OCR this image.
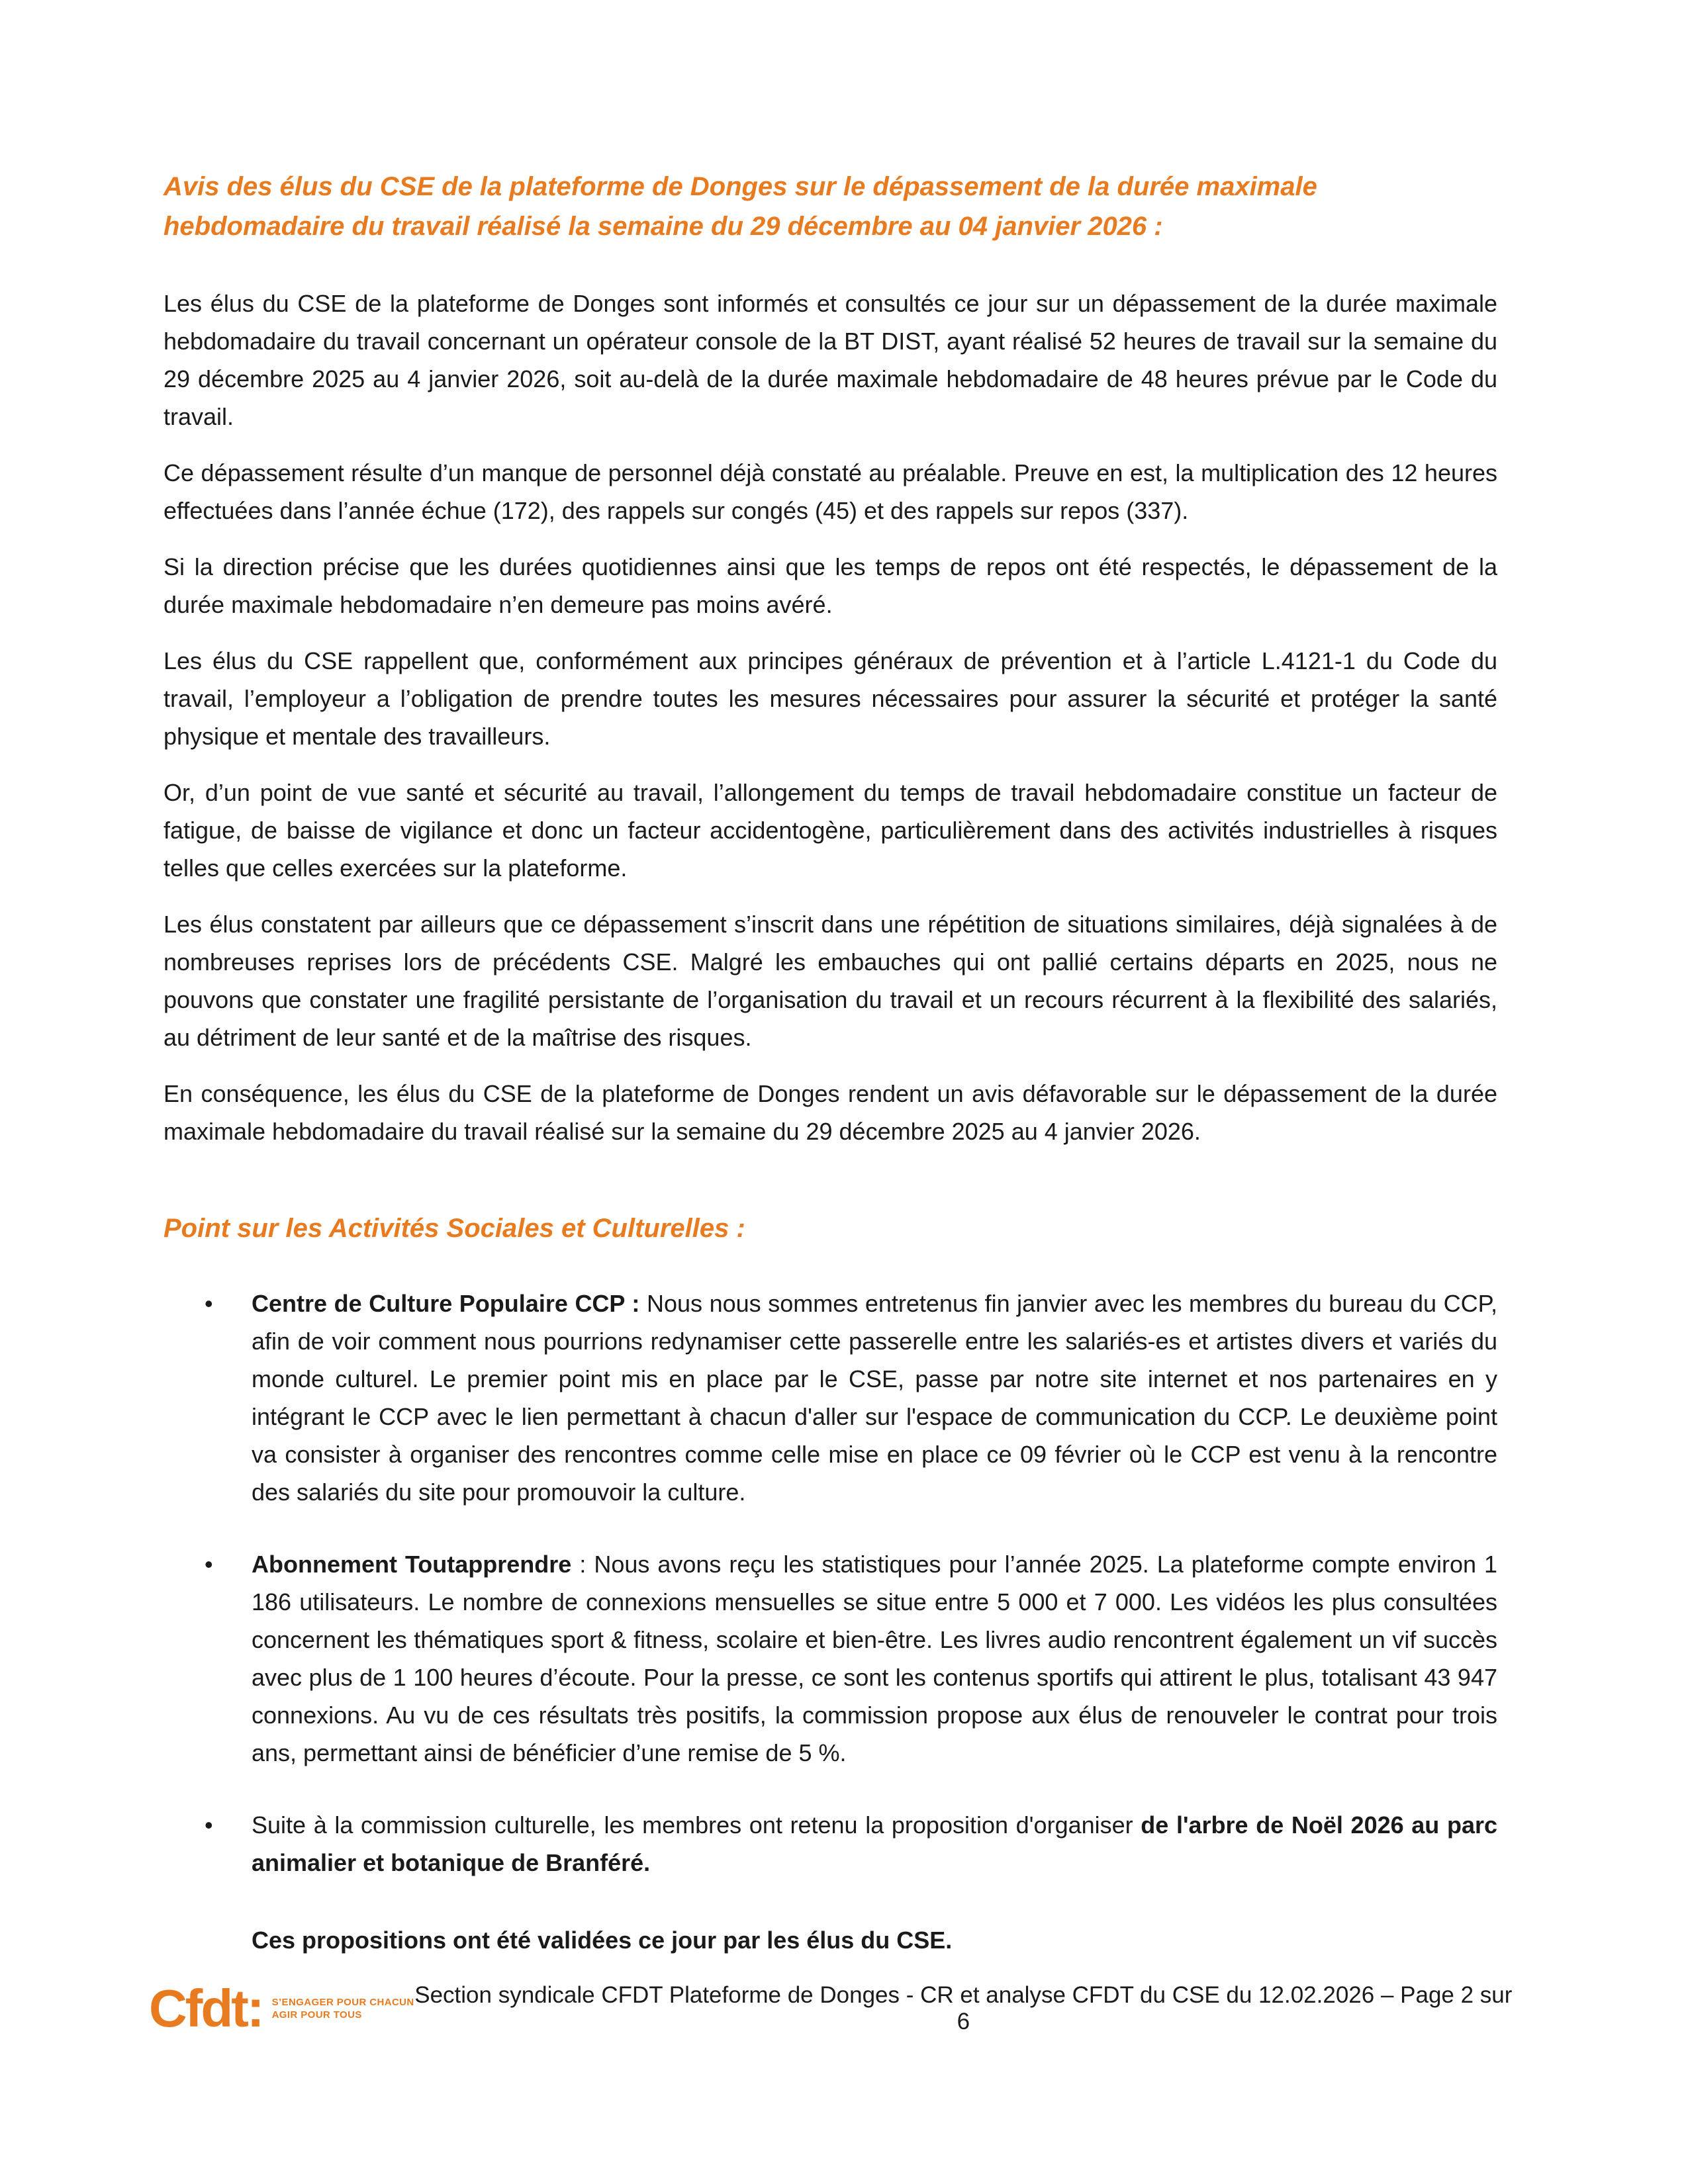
Avis des élus du CSE de la plateforme de Donges sur le dépassement de la durée maximale hebdomadaire du travail réalisé la semaine du 29 décembre au 04 janvier 2026 :

Les élus du CSE de la plateforme de Donges sont informés et consultés ce jour sur un dépassement de la durée maximale hebdomadaire du travail concernant un opérateur console de la BT DIST, ayant réalisé 52 heures de travail sur la semaine du 29 décembre 2025 au 4 janvier 2026, soit au-delà de la durée maximale hebdomadaire de 48 heures prévue par le Code du travail.

Ce dépassement résulte d’un manque de personnel déjà constaté au préalable. Preuve en est, la multiplication des 12 heures effectuées dans l’année échue (172), des rappels sur congés (45) et des rappels sur repos (337).

Si la direction précise que les durées quotidiennes ainsi que les temps de repos ont été respectés, le dépassement de la durée maximale hebdomadaire n’en demeure pas moins avéré.

Les élus du CSE rappellent que, conformément aux principes généraux de prévention et à l’article L.4121-1 du Code du travail, l’employeur a l’obligation de prendre toutes les mesures nécessaires pour assurer la sécurité et protéger la santé physique et mentale des travailleurs.

Or, d’un point de vue santé et sécurité au travail, l’allongement du temps de travail hebdomadaire constitue un facteur de fatigue, de baisse de vigilance et donc un facteur accidentogène, particulièrement dans des activités industrielles à risques telles que celles exercées sur la plateforme.

Les élus constatent par ailleurs que ce dépassement s’inscrit dans une répétition de situations similaires, déjà signalées à de nombreuses reprises lors de précédents CSE. Malgré les embauches qui ont pallié certains départs en 2025, nous ne pouvons que constater une fragilité persistante de l’organisation du travail et un recours récurrent à la flexibilité des salariés, au détriment de leur santé et de la maîtrise des risques.

En conséquence, les élus du CSE de la plateforme de Donges rendent un avis défavorable sur le dépassement de la durée maximale hebdomadaire du travail réalisé sur la semaine du 29 décembre 2025 au 4 janvier 2026.

Point sur les Activités Sociales et Culturelles :
• Centre de Culture Populaire CCP : Nous nous sommes entretenus fin janvier avec les membres du bureau du CCP, afin de voir comment nous pourrions redynamiser cette passerelle entre les salariés-es et artistes divers et variés du monde culturel. Le premier point mis en place par le CSE, passe par notre site internet et nos partenaires en y intégrant le CCP avec le lien permettant à chacun d'aller sur l'espace de communication du CCP. Le deuxième point va consister à organiser des rencontres comme celle mise en place ce 09 février où le CCP est venu à la rencontre des salariés du site pour promouvoir la culture.
• Abonnement Toutapprendre : Nous avons reçu les statistiques pour l’année 2025. La plateforme compte environ 1 186 utilisateurs. Le nombre de connexions mensuelles se situe entre 5 000 et 7 000. Les vidéos les plus consultées concernent les thématiques sport & fitness, scolaire et bien-être. Les livres audio rencontrent également un vif succès avec plus de 1 100 heures d’écoute. Pour la presse, ce sont les contenus sportifs qui attirent le plus, totalisant 43 947 connexions. Au vu de ces résultats très positifs, la commission propose aux élus de renouveler le contrat pour trois ans, permettant ainsi de bénéficier d’une remise de 5 %.
• Suite à la commission culturelle, les membres ont retenu la proposition d'organiser de l'arbre de Noël 2026 au parc animalier et botanique de Branféré.

Ces propositions ont été validées ce jour par les élus du CSE.

Cfdt: S’ENGAGER POUR CHACUN
AGIR POUR TOUS
Section syndicale CFDT Plateforme de Donges - CR et analyse CFDT du CSE du 12.02.2026 – Page 2 sur 6
